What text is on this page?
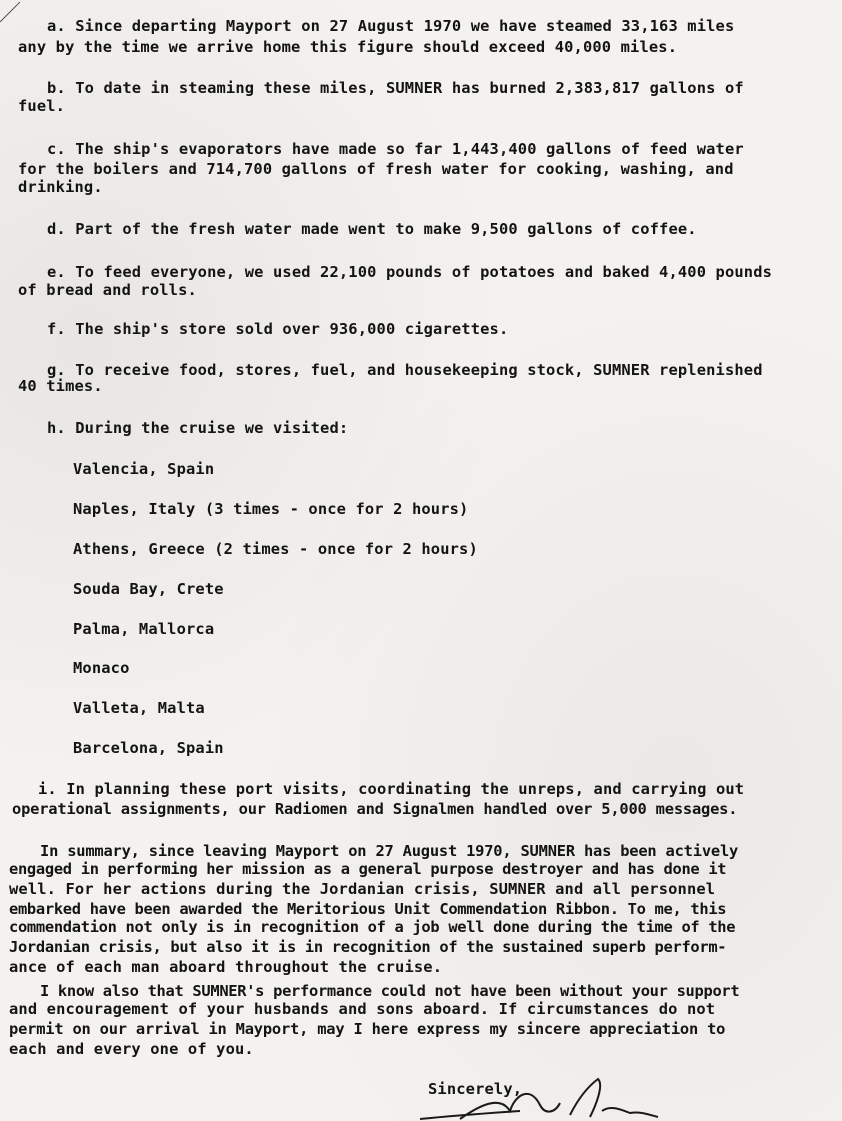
a. Since departing Mayport on 27 August 1970 we have steamed 33,163 miles
any by the time we arrive home this figure should exceed 40,000 miles.
b. To date in steaming these miles, SUMNER has burned 2,383,817 gallons of
fuel.
c. The ship's evaporators have made so far 1,443,400 gallons of feed water
for the boilers and 714,700 gallons of fresh water for cooking, washing, and
drinking.
d. Part of the fresh water made went to make 9,500 gallons of coffee.
e. To feed everyone, we used 22,100 pounds of potatoes and baked 4,400 pounds
of bread and rolls.
f. The ship's store sold over 936,000 cigarettes.
g. To receive food, stores, fuel, and housekeeping stock, SUMNER replenished
40 times.
h. During the cruise we visited:
Valencia, Spain
Naples, Italy (3 times - once for 2 hours)
Athens, Greece (2 times - once for 2 hours)
Souda Bay, Crete
Palma, Mallorca
Monaco
Valleta, Malta
Barcelona, Spain
i. In planning these port visits, coordinating the unreps, and carrying out
operational assignments, our Radiomen and Signalmen handled over 5,000 messages.
In summary, since leaving Mayport on 27 August 1970, SUMNER has been actively
engaged in performing her mission as a general purpose destroyer and has done it
well. For her actions during the Jordanian crisis, SUMNER and all personnel
embarked have been awarded the Meritorious Unit Commendation Ribbon. To me, this
commendation not only is in recognition of a job well done during the time of the
Jordanian crisis, but also it is in recognition of the sustained superb perform-
ance of each man aboard throughout the cruise.
I know also that SUMNER's performance could not have been without your support
and encouragement of your husbands and sons aboard. If circumstances do not
permit on our arrival in Mayport, may I here express my sincere appreciation to
each and every one of you.
Sincerely,
